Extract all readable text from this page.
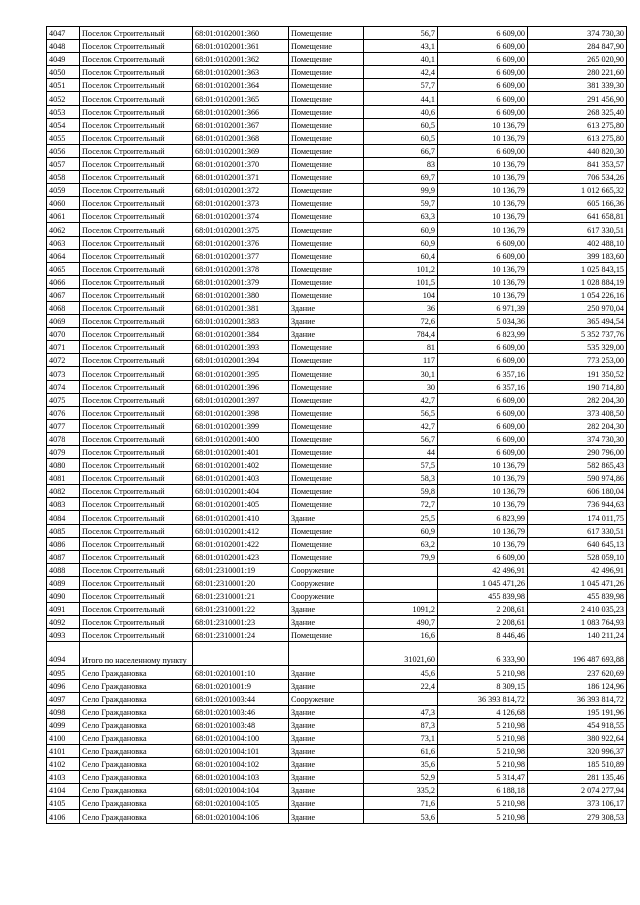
4047	Поселок Строительный	68:01:0102001:360	Помещение	56,7	6 609,00	374 730,30
4048	Поселок Строительный	68:01:0102001:361	Помещение	43,1	6 609,00	284 847,90
4049	Поселок Строительный	68:01:0102001:362	Помещение	40,1	6 609,00	265 020,90
4050	Поселок Строительный	68:01:0102001:363	Помещение	42,4	6 609,00	280 221,60
4051	Поселок Строительный	68:01:0102001:364	Помещение	57,7	6 609,00	381 339,30
4052	Поселок Строительный	68:01:0102001:365	Помещение	44,1	6 609,00	291 456,90
4053	Поселок Строительный	68:01:0102001:366	Помещение	40,6	6 609,00	268 325,40
4054	Поселок Строительный	68:01:0102001:367	Помещение	60,5	10 136,79	613 275,80
4055	Поселок Строительный	68:01:0102001:368	Помещение	60,5	10 136,79	613 275,80
4056	Поселок Строительный	68:01:0102001:369	Помещение	66,7	6 609,00	440 820,30
4057	Поселок Строительный	68:01:0102001:370	Помещение	83	10 136,79	841 353,57
4058	Поселок Строительный	68:01:0102001:371	Помещение	69,7	10 136,79	706 534,26
4059	Поселок Строительный	68:01:0102001:372	Помещение	99,9	10 136,79	1 012 665,32
4060	Поселок Строительный	68:01:0102001:373	Помещение	59,7	10 136,79	605 166,36
4061	Поселок Строительный	68:01:0102001:374	Помещение	63,3	10 136,79	641 658,81
4062	Поселок Строительный	68:01:0102001:375	Помещение	60,9	10 136,79	617 330,51
4063	Поселок Строительный	68:01:0102001:376	Помещение	60,9	6 609,00	402 488,10
4064	Поселок Строительный	68:01:0102001:377	Помещение	60,4	6 609,00	399 183,60
4065	Поселок Строительный	68:01:0102001:378	Помещение	101,2	10 136,79	1 025 843,15
4066	Поселок Строительный	68:01:0102001:379	Помещение	101,5	10 136,79	1 028 884,19
4067	Поселок Строительный	68:01:0102001:380	Помещение	104	10 136,79	1 054 226,16
4068	Поселок Строительный	68:01:0102001:381	Здание	36	6 971,39	250 970,04
4069	Поселок Строительный	68:01:0102001:383	Здание	72,6	5 034,36	365 494,54
4070	Поселок Строительный	68:01:0102001:384	Здание	784,4	6 823,99	5 352 737,76
4071	Поселок Строительный	68:01:0102001:393	Помещение	81	6 609,00	535 329,00
4072	Поселок Строительный	68:01:0102001:394	Помещение	117	6 609,00	773 253,00
4073	Поселок Строительный	68:01:0102001:395	Помещение	30,1	6 357,16	191 350,52
4074	Поселок Строительный	68:01:0102001:396	Помещение	30	6 357,16	190 714,80
4075	Поселок Строительный	68:01:0102001:397	Помещение	42,7	6 609,00	282 204,30
4076	Поселок Строительный	68:01:0102001:398	Помещение	56,5	6 609,00	373 408,50
4077	Поселок Строительный	68:01:0102001:399	Помещение	42,7	6 609,00	282 204,30
4078	Поселок Строительный	68:01:0102001:400	Помещение	56,7	6 609,00	374 730,30
4079	Поселок Строительный	68:01:0102001:401	Помещение	44	6 609,00	290 796,00
4080	Поселок Строительный	68:01:0102001:402	Помещение	57,5	10 136,79	582 865,43
4081	Поселок Строительный	68:01:0102001:403	Помещение	58,3	10 136,79	590 974,86
4082	Поселок Строительный	68:01:0102001:404	Помещение	59,8	10 136,79	606 180,04
4083	Поселок Строительный	68:01:0102001:405	Помещение	72,7	10 136,79	736 944,63
4084	Поселок Строительный	68:01:0102001:410	Здание	25,5	6 823,99	174 011,75
4085	Поселок Строительный	68:01:0102001:412	Помещение	60,9	10 136,79	617 330,51
4086	Поселок Строительный	68:01:0102001:422	Помещение	63,2	10 136,79	640 645,13
4087	Поселок Строительный	68:01:0102001:423	Помещение	79,9	6 609,00	528 059,10
4088	Поселок Строительный	68:01:2310001:19	Сооружение		42 496,91	42 496,91
4089	Поселок Строительный	68:01:2310001:20	Сооружение		1 045 471,26	1 045 471,26
4090	Поселок Строительный	68:01:2310001:21	Сооружение		455 839,98	455 839,98
4091	Поселок Строительный	68:01:2310001:22	Здание	1091,2	2 208,61	2 410 035,23
4092	Поселок Строительный	68:01:2310001:23	Здание	490,7	2 208,61	1 083 764,93
4093	Поселок Строительный	68:01:2310001:24	Помещение	16,6	8 446,46	140 211,24
4094	Итого по населенному пункту			31021,60	6 333,90	196 487 693,88
4095	Село Граждановка	68:01:0201001:10	Здание	45,6	5 210,98	237 620,69
4096	Село Граждановка	68:01:0201001:9	Здание	22,4	8 309,15	186 124,96
4097	Село Граждановка	68:01:0201003:44	Сооружение		36 393 814,72	36 393 814,72
4098	Село Граждановка	68:01:0201003:46	Здание	47,3	4 126,68	195 191,96
4099	Село Граждановка	68:01:0201003:48	Здание	87,3	5 210,98	454 918,55
4100	Село Граждановка	68:01:0201004:100	Здание	73,1	5 210,98	380 922,64
4101	Село Граждановка	68:01:0201004:101	Здание	61,6	5 210,98	320 996,37
4102	Село Граждановка	68:01:0201004:102	Здание	35,6	5 210,98	185 510,89
4103	Село Граждановка	68:01:0201004:103	Здание	52,9	5 314,47	281 135,46
4104	Село Граждановка	68:01:0201004:104	Здание	335,2	6 188,18	2 074 277,94
4105	Село Граждановка	68:01:0201004:105	Здание	71,6	5 210,98	373 106,17
4106	Село Граждановка	68:01:0201004:106	Здание	53,6	5 210,98	279 308,53
